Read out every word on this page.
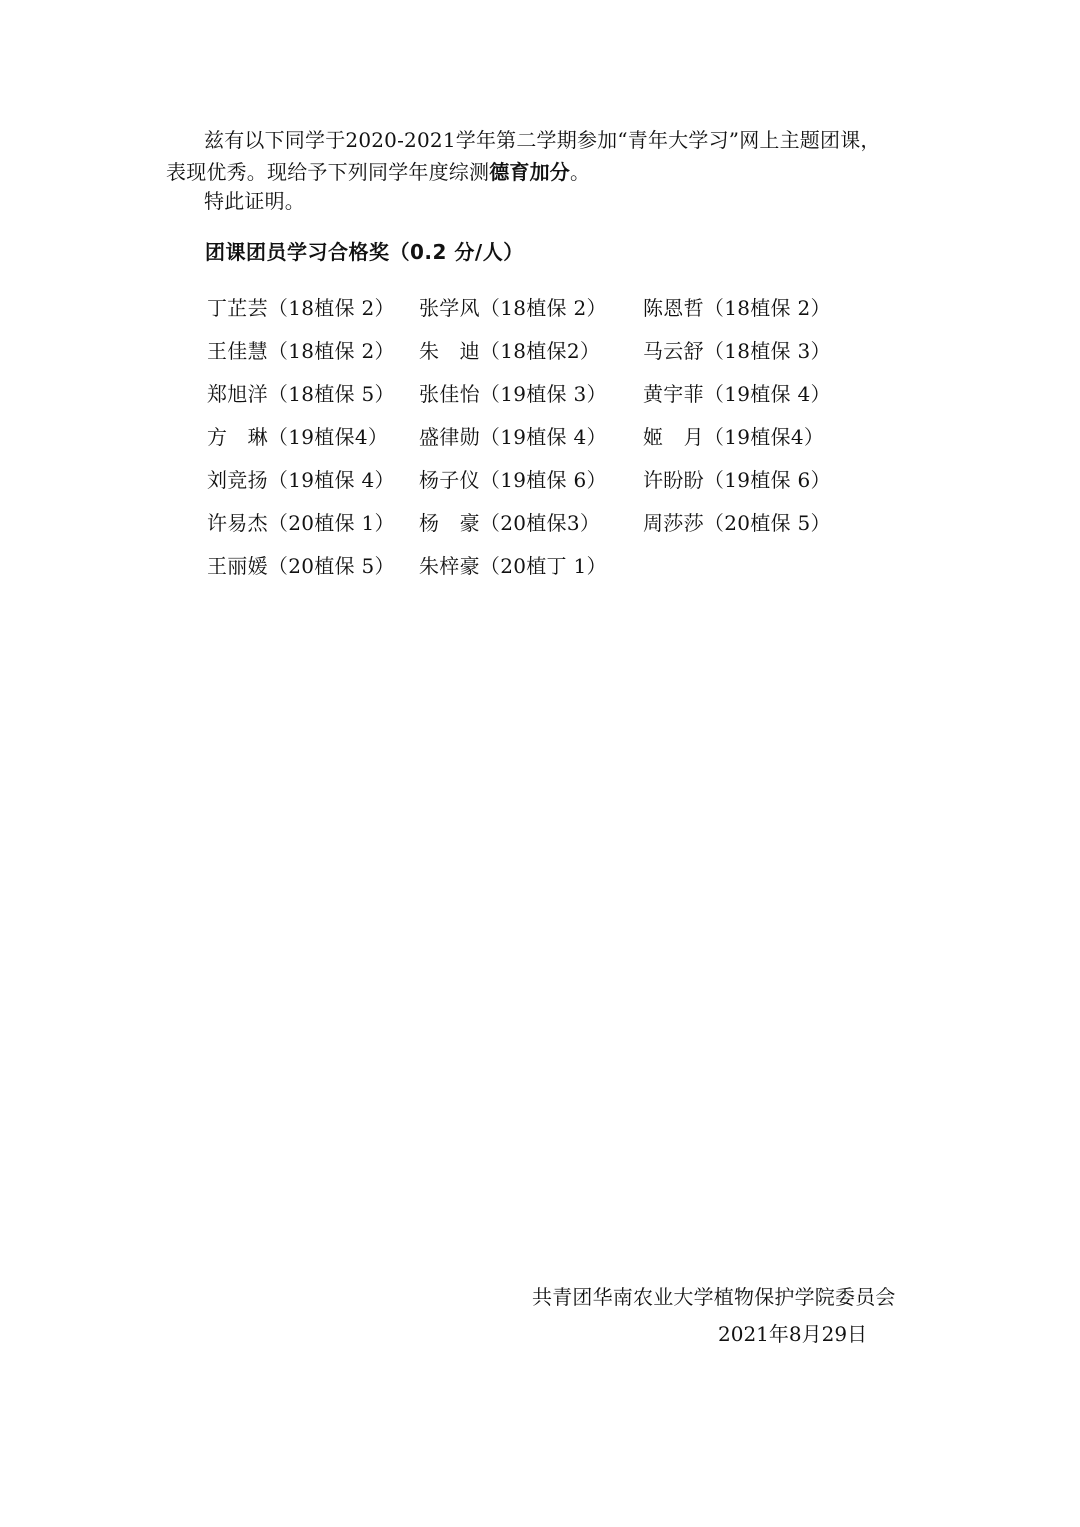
兹有以下同学于2020-2021学年第二学期参加“青年大学习”网上主题团课，表现优秀。现给予下列同学年度综测德育加分。
特此证明。
团课团员学习合格奖（0.2 分/人）
丁芷芸（18植保 2）	张学风（18植保 2）	陈恩哲（18植保 2）
王佳慧（18植保 2）	朱　迪（18植保2）	马云舒（18植保 3）
郑旭洋（18植保 5）	张佳怡（19植保 3）	黄宇菲（19植保 4）
方　琳（19植保4）	盛律勋（19植保 4）	姬　月（19植保4）
刘竞扬（19植保 4）	杨子仪（19植保 6）	许盼盼（19植保 6）
许易杰（20植保 1）	杨　豪（20植保3）	周莎莎（20植保 5）
王丽媛（20植保 5）	朱梓豪（20植丁 1）
共青团华南农业大学植物保护学院委员会
2021年8月29日
